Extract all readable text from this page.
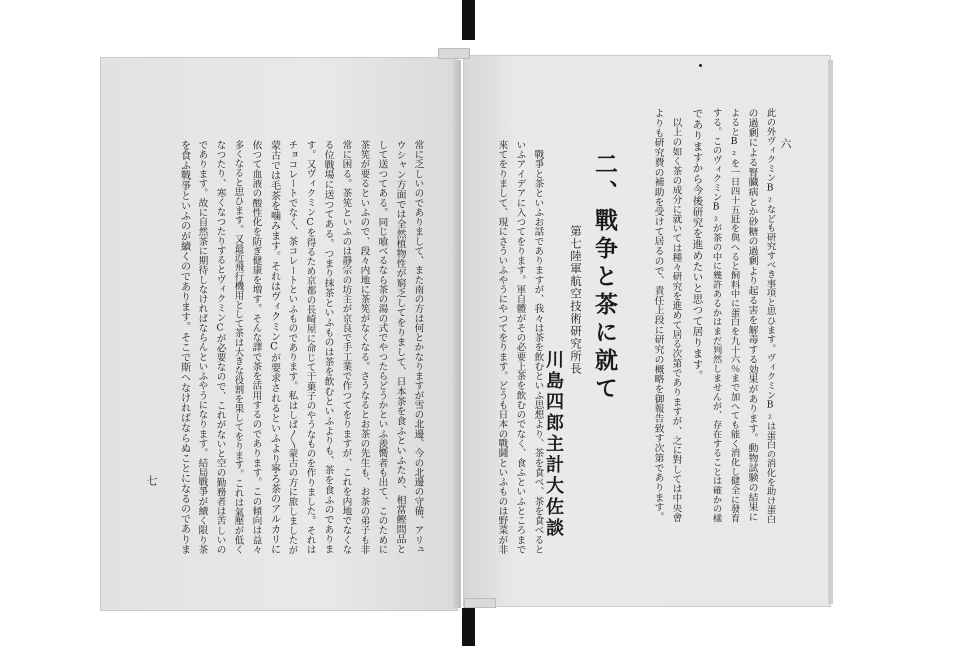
六
此の外ヴィクミンB₂なども研究すべき事項と思ひます。ヴィクミンB₂は蛋白の消化を助け蛋白
の過剰による腎臓病とか砂糖の過剰より起る害を解毒する効果があります。動物試験の結果に
よるとB₂を一日四十五瓩を與へると飼料中に蛋白を九十六％まで加へても能く消化し健全に發育
する。このヴィクミンB₂が茶の中に幾許あるかはまだ判然しませんが、存在することは確かの樣
でありますから今後研究を進めたいと思つて居ります。
　以上の如く茶の成分に就いては種々研究を進めて居る次第でありますが、之に對しては中央會
よりも研究費の補助を受けて居るので、責任上段に研究の概略を御報告致す次第であります。
二、戰争と茶に就て
第七陸軍航空技術研究所長
川島四郎主計大佐談
　戰爭と茶といふお話でありますが、我々は茶を飲むといふ思想より、茶を食べ、茶を食べると
いふアイデアに入つてをります。軍自體がその必要上茶を飲むのでなく、食ふといふところまで
來てをりまして、現にさういふやうにやつてをります。どうも日本の戰鬪といふものは野菜が非
七	常に乏しいのでありまして、また南の方は何とかなりますが雪の北邊、今の北邊の守備、アリュ
ウシャン方面では全然植物性が窮乏してをりまして、日本茶を食ふといふため、相當鰹問品と
して送つてある。同じ喰べるなら茶の湯の式でやつたらどうかといふ羨嚮者も出て、このために
茶筅が要るといふので、段々内地に茶筅がなくなる。さうなるとお茶の先生も、お茶の弟子も非
常に困る。茶筅といふのは靜宗の坊主が京良で手工業で作つてをりますが、これを内地でなくな
る位戰場に送つてある。つまり抹茶といふものは茶を飲むといふよりも、茶を食ふのでありま
す。又ヴィクミンCを得るため京都の長崎屋に命じて干菓子のやうなものを作りました。それは
チョコレートでなく、茶コレートといふものであります。私はしば〳〵蒙古の方に旅しましたが
蒙古では毛茶を噛みます。それはヴィクミンCが要求されるといふより寧ろ茶のアルカリに
依つて血液の酸性化を防ぎ健康を増す。そんな譯で茶を活用するのであります。この傾向は益々
多くなると思ひます。又最近飛行機用として茶は大きな役割を果してをります。これは氣壓が低く
なつたり、寒くなつたりするとヴィクミンCが必要なので、これがないと空の勤務者は苦しいの
であります。故に自然茶に期待しなければならんといふやうになります。結局戰爭が續く限り茶
を食ふ戰爭といふのが續くのであります。そこで斯へなければならぬことになるのでありま
